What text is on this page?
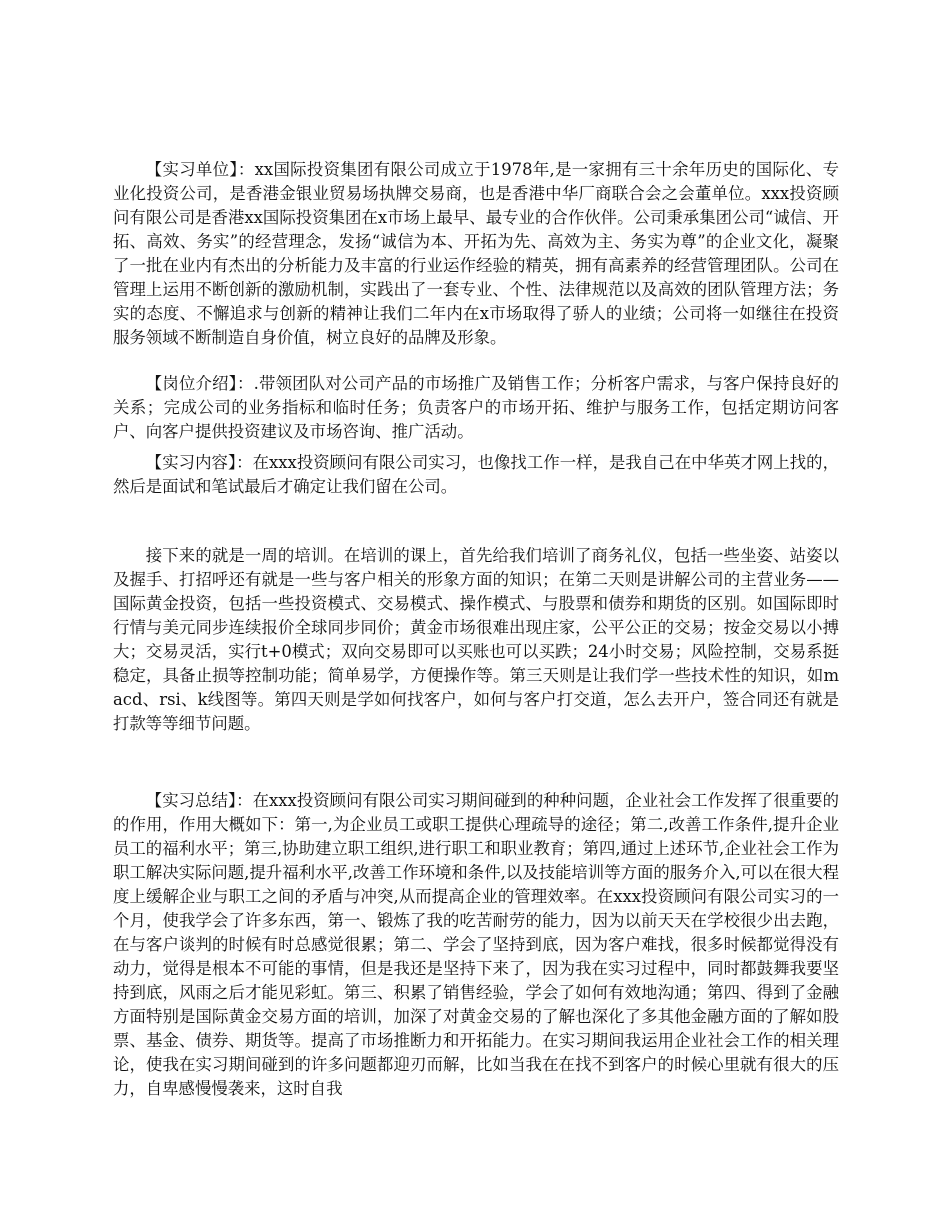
【实习单位】：xx国际投资集团有限公司成立于1978年,是一家拥有三十余年历史的国际化、专业化投资公司，是香港金银业贸易场执牌交易商，也是香港中华厂商联合会之会董单位。xxx投资顾问有限公司是香港xx国际投资集团在x市场上最早、最专业的合作伙伴。公司秉承集团公司“诚信、开拓、高效、务实”的经营理念，发扬“诚信为本、开拓为先、高效为主、务实为尊”的企业文化，凝聚了一批在业内有杰出的分析能力及丰富的行业运作经验的精英，拥有高素养的经营管理团队。公司在管理上运用不断创新的激励机制，实践出了一套专业、个性、法律规范以及高效的团队管理方法；务实的态度、不懈追求与创新的精神让我们二年内在x市场取得了骄人的业绩；公司将一如继往在投资服务领域不断制造自身价值，树立良好的品牌及形象。

【岗位介绍】：.带领团队对公司产品的市场推广及销售工作；分析客户需求，与客户保持良好的关系；完成公司的业务指标和临时任务；负责客户的市场开拓、维护与服务工作，包括定期访问客户、向客户提供投资建议及市场咨询、推广活动。

【实习内容】：在xxx投资顾问有限公司实习，也像找工作一样，是我自己在中华英才网上找的，然后是面试和笔试最后才确定让我们留在公司。

接下来的就是一周的培训。在培训的课上，首先给我们培训了商务礼仪，包括一些坐姿、站姿以及握手、打招呼还有就是一些与客户相关的形象方面的知识；在第二天则是讲解公司的主营业务——国际黄金投资，包括一些投资模式、交易模式、操作模式、与股票和债券和期货的区别。如国际即时行情与美元同步连续报价全球同步同价；黄金市场很难出现庄家，公平公正的交易；按金交易以小搏大；交易灵活，实行t+0模式；双向交易即可以买账也可以买跌；24小时交易；风险控制，交易系挺稳定，具备止损等控制功能；简单易学，方便操作等。第三天则是让我们学一些技术性的知识，如macd、rsi、k线图等。第四天则是学如何找客户，如何与客户打交道，怎么去开户，签合同还有就是打款等等细节问题。

【实习总结】：在xxx投资顾问有限公司实习期间碰到的种种问题，企业社会工作发挥了很重要的的作用，作用大概如下：第一,为企业员工或职工提供心理疏导的途径；第二,改善工作条件,提升企业员工的福利水平；第三,协助建立职工组织,进行职工和职业教育；第四,通过上述环节,企业社会工作为职工解决实际问题,提升福利水平,改善工作环境和条件,以及技能培训等方面的服务介入,可以在很大程度上缓解企业与职工之间的矛盾与冲突,从而提高企业的管理效率。在xxx投资顾问有限公司实习的一个月，使我学会了许多东西，第一、锻炼了我的吃苦耐劳的能力，因为以前天天在学校很少出去跑，在与客户谈判的时候有时总感觉很累；第二、学会了坚持到底，因为客户难找，很多时候都觉得没有动力，觉得是根本不可能的事情，但是我还是坚持下来了，因为我在实习过程中，同时都鼓舞我要坚持到底，风雨之后才能见彩虹。第三、积累了销售经验，学会了如何有效地沟通；第四、得到了金融方面特别是国际黄金交易方面的培训，加深了对黄金交易的了解也深化了多其他金融方面的了解如股票、基金、债券、期货等。提高了市场推断力和开拓能力。在实习期间我运用企业社会工作的相关理论，使我在实习期间碰到的许多问题都迎刃而解，比如当我在在找不到客户的时候心里就有很大的压力，自卑感慢慢袭来，这时自我
